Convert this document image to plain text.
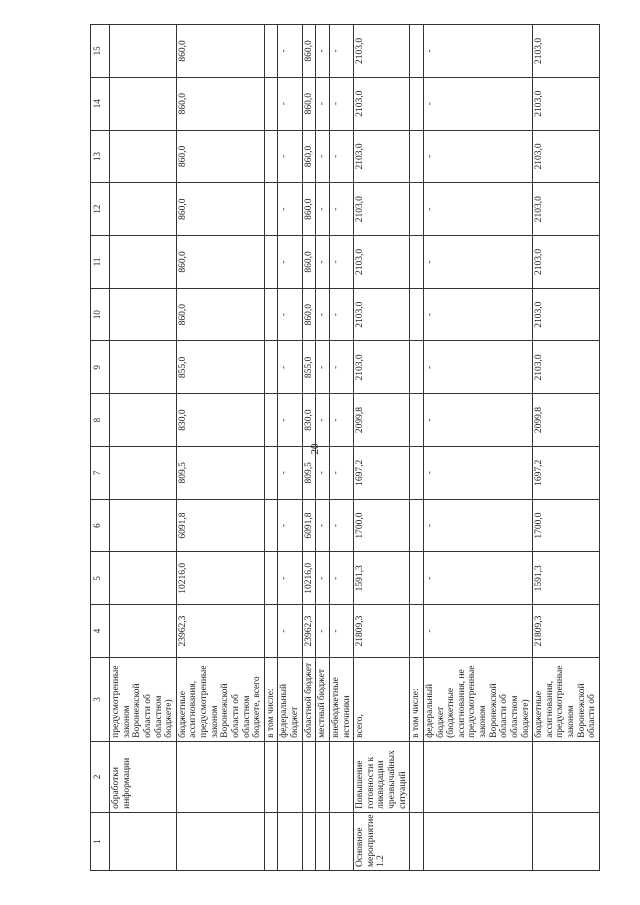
20
1	2	3	4	5	6	7	8	9	10	11	12	13	14	15
	обработки информации	предусмотренные законом Воронежской области об областном бюджете)												
		бюджетные ассигнования, предусмотренные законом Воронежской области об областном бюджете, всего	23962,3	10216,0	6091,8	809,5	830,0	855,0	860,0	860,0	860,0	860,0	860,0	860,0
		в том числе:												
		федеральный бюджет	-	-	-	-	-	-	-	-	-	-	-	-
		областной бюджет	23962,3	10216,0	6091,8	809,5	830,0	855,0	860,0	860,0	860,0	860,0	860,0	860,0
		местный бюджет	-	-	-	-	-	-	-	-	-	-	-	-
		внебюджетные источники	-	-	-	-	-	-	-	-	-	-	-	-
Основное мероприятие 1.2	Повышение готовности к ликвидации чрезвычайных ситуаций	всего,	21809,3	1591,3	1700,0	1697,2	2099,8	2103,0	2103,0	2103,0	2103,0	2103,0	2103,0	2103,0
		в том числе:												
		федеральный бюджет (бюджетные ассигнования, не предусмотренные законом Воронежской области об областном бюджете)	-	-	-	-	-	-	-	-	-	-	-	-
		бюджетные ассигнования, предусмотренные законом Воронежской области об	21809,3	1591,3	1700,0	1697,2	2099,8	2103,0	2103,0	2103,0	2103,0	2103,0	2103,0	2103,0
